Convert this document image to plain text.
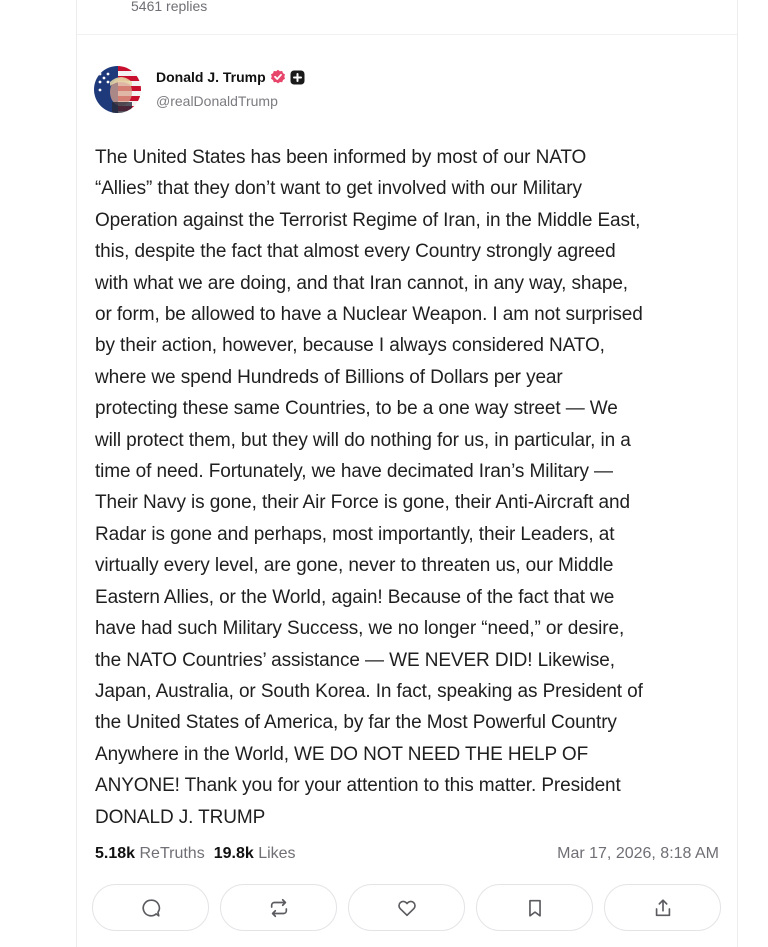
5461 replies
Donald J. Trump
@realDonaldTrump

The United States has been informed by most of our NATO
“Allies” that they don’t want to get involved with our Military
Operation against the Terrorist Regime of Iran, in the Middle East,
this, despite the fact that almost every Country strongly agreed
with what we are doing, and that Iran cannot, in any way, shape,
or form, be allowed to have a Nuclear Weapon. I am not surprised
by their action, however, because I always considered NATO,
where we spend Hundreds of Billions of Dollars per year
protecting these same Countries, to be a one way street — We
will protect them, but they will do nothing for us, in particular, in a
time of need. Fortunately, we have decimated Iran’s Military —
Their Navy is gone, their Air Force is gone, their Anti-Aircraft and
Radar is gone and perhaps, most importantly, their Leaders, at
virtually every level, are gone, never to threaten us, our Middle
Eastern Allies, or the World, again! Because of the fact that we
have had such Military Success, we no longer “need,” or desire,
the NATO Countries’ assistance — WE NEVER DID! Likewise,
Japan, Australia, or South Korea. In fact, speaking as President of
the United States of America, by far the Most Powerful Country
Anywhere in the World, WE DO NOT NEED THE HELP OF
ANYONE! Thank you for your attention to this matter. President
DONALD J. TRUMP

5.18k ReTruths 19.8k Likes	Mar 17, 2026, 8:18 AM
